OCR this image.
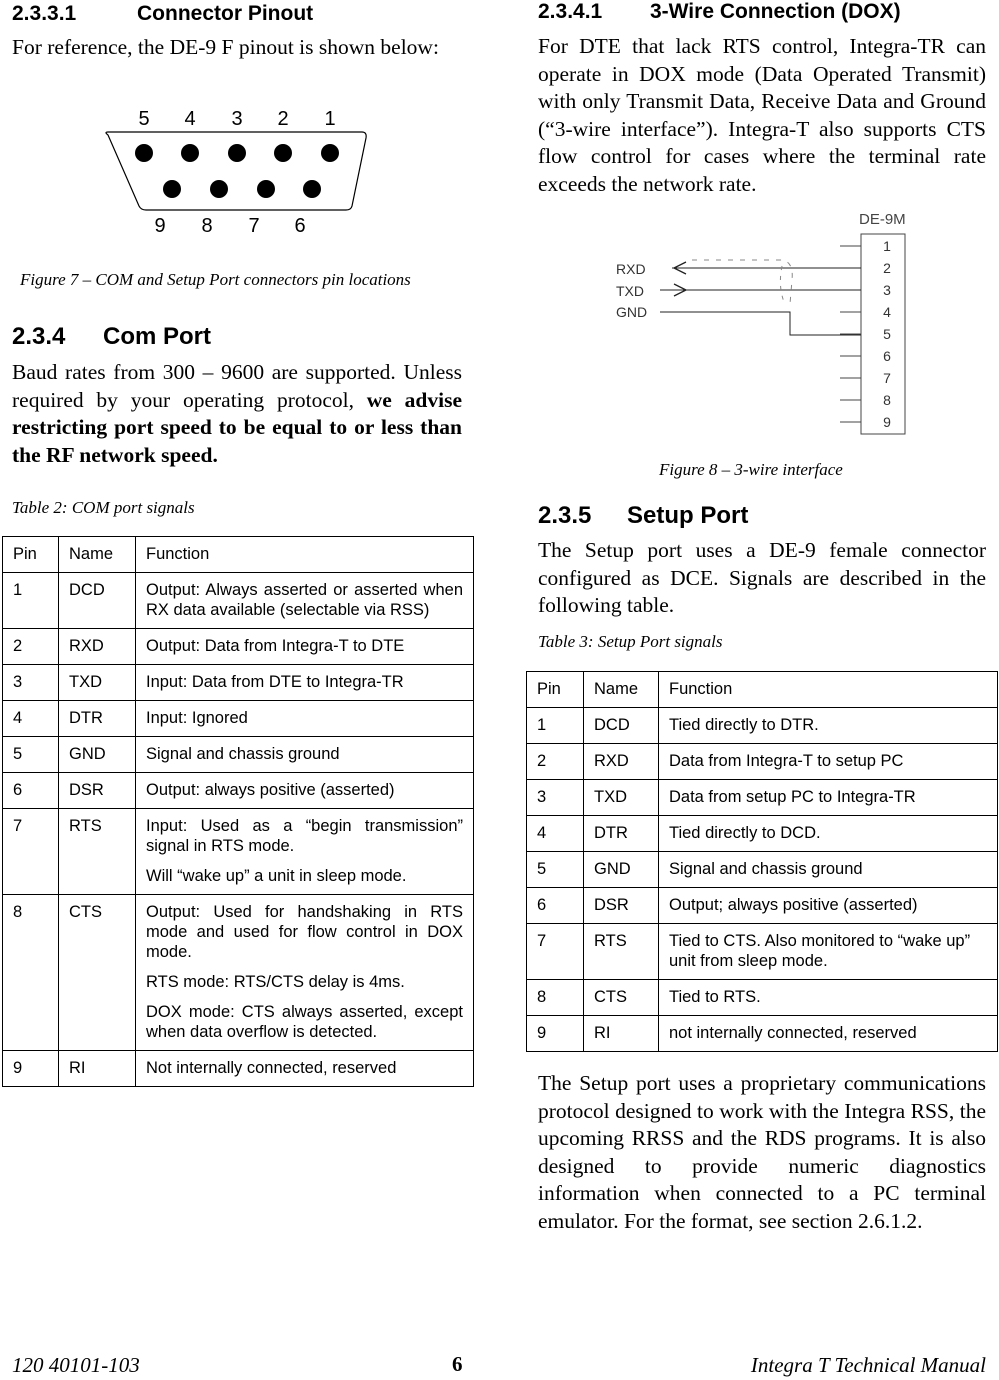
2.3.3.1	Connector Pinout
For reference, the DE-9 F pinout is shown below:
5 4 3 2 1
9 8 7 6
Figure 7 – COM and Setup Port connectors pin locations
2.3.4 Com Port
Baud rates from 300 – 9600 are supported. Unless required by your operating protocol, we advise restricting port speed to be equal to or less than the RF network speed.
Table 2: COM port signals
Pin	Name	Function
1	DCD	Output: Always asserted or asserted when RX data available (selectable via RSS)

2	RXD	Output: Data from Integra-T to DTE

3	TXD	Input: Data from DTE to Integra-TR

4	DTR	Input: Ignored

5	GND	Signal and chassis ground

6	DSR	Output: always positive (asserted)

7	RTS	Input: Used as a “begin transmission” signal in RTS mode.

Will “wake up” a unit in sleep mode.

8	CTS	Output: Used for handshaking in RTS mode and used for flow control in DOX mode.

RTS mode: RTS/CTS delay is 4ms.

DOX mode: CTS always asserted, except when data overflow is detected.

9	RI	Not internally connected, reserved

2.3.4.1 3-Wire Connection (DOX)
For DTE that lack RTS control, Integra-TR can operate in DOX mode (Data Operated Transmit) with only Transmit Data, Receive Data and Ground (“3-wire interface”). Integra-T also supports CTS flow control for cases where the terminal rate exceeds the network rate.
DE-9M
1
2
3
4
5
6
7
8
9
RXD
TXD
GND
Figure 8 – 3-wire interface
2.3.5 Setup Port
The Setup port uses a DE-9 female connector configured as DCE. Signals are described in the following table.
Table 3: Setup Port signals
Pin	Name	Function
1	DCD	Tied directly to DTR.

2	RXD	Data from Integra-T to setup PC

3	TXD	Data from setup PC to Integra-TR

4	DTR	Tied directly to DCD.

5	GND	Signal and chassis ground

6	DSR	Output; always positive (asserted)

7	RTS	Tied to CTS. Also monitored to “wake up” unit from sleep mode.

8	CTS	Tied to RTS.

9	RI	not internally connected, reserved

The Setup port uses a proprietary communications protocol designed to work with the Integra RSS, the upcoming RRSS and the RDS programs. It is also designed to provide numeric diagnostics information when connected to a PC terminal emulator. For the format, see section 2.6.1.2.
120 40101-103	6	Integra T Technical Manual
